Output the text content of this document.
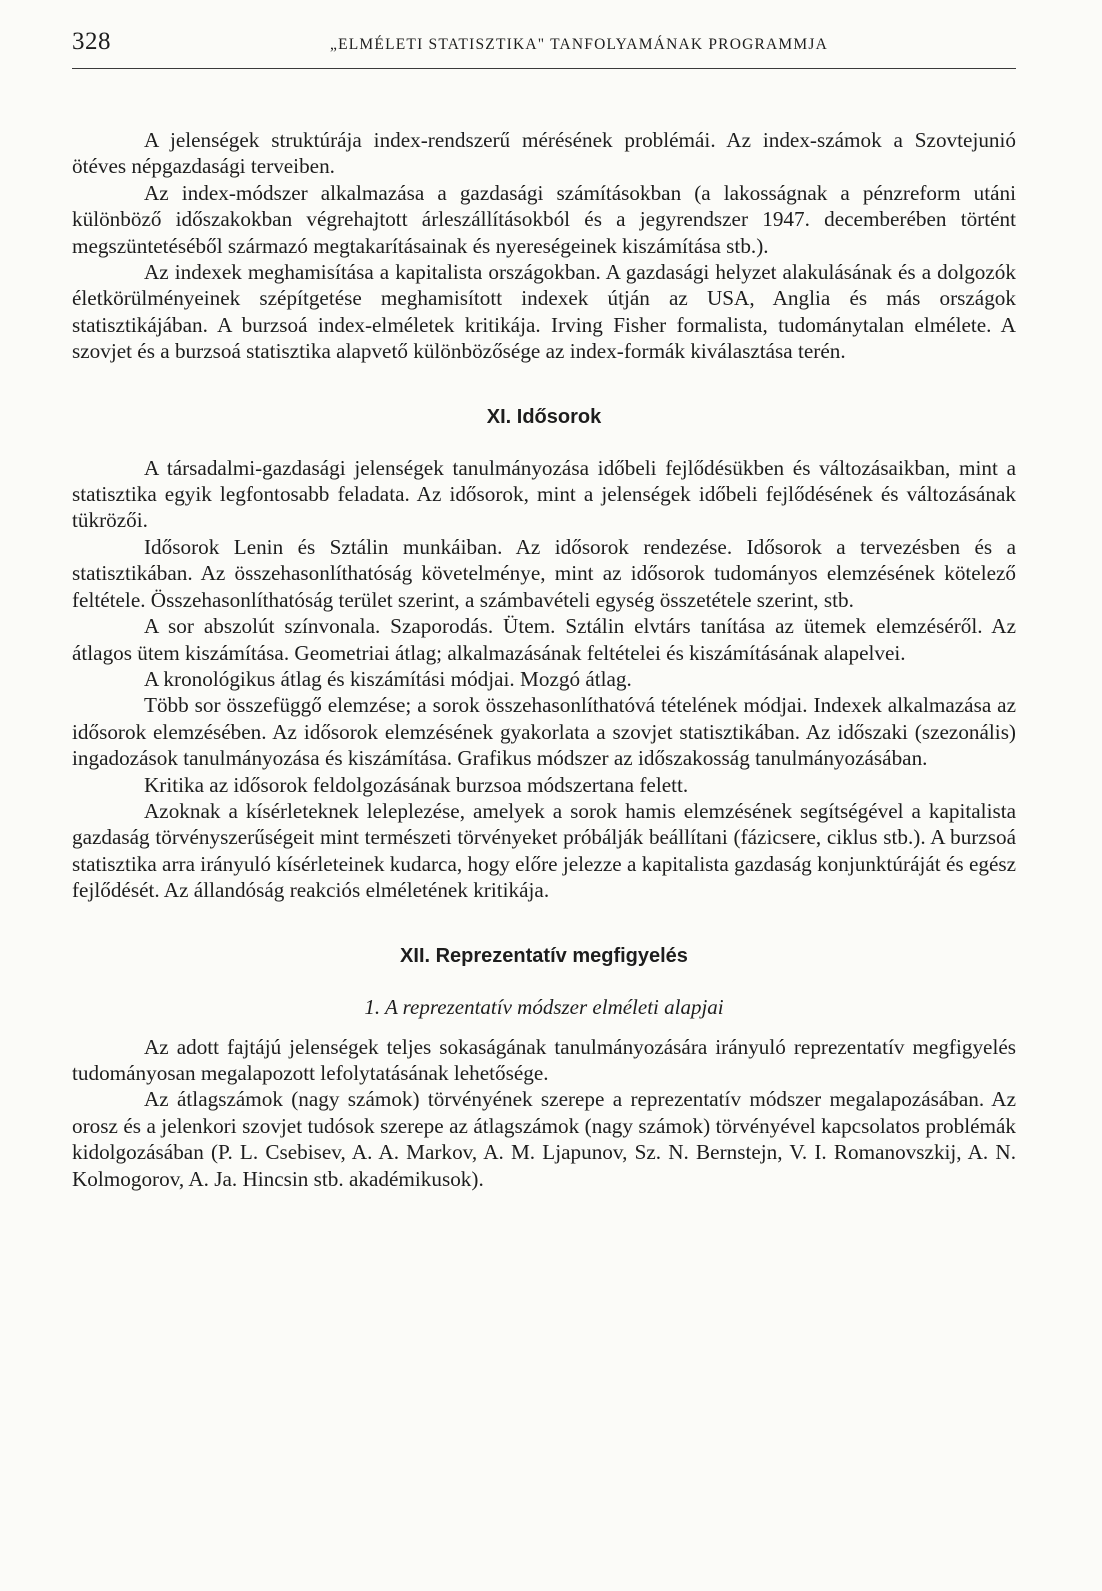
328	„ELMÉLETI STATISZTIKA" TANFOLYAMÁNAK PROGRAMMJA

A jelenségek struktúrája index-rendszerű mérésének problémái. Az index-számok a Szovtejunió ötéves népgazdasági terveiben.

Az index-módszer alkalmazása a gazdasági számításokban (a lakosságnak a pénzreform utáni különböző időszakokban végrehajtott árleszállításokból és a jegyrendszer 1947. decemberében történt megszüntetéséből származó megtakarításainak és nyereségeinek kiszámítása stb.).

Az indexek meghamisítása a kapitalista országokban. A gazdasági helyzet alakulásának és a dolgozók életkörülményeinek szépítgetése meghamisított indexek útján az USA, Anglia és más országok statisztikájában. A burzsoá index-elméletek kritikája. Irving Fisher formalista, tudománytalan elmélete. A szovjet és a burzsoá statisztika alapvető különbözősége az index-formák kiválasztása terén.

XI. Idősorok

A társadalmi-gazdasági jelenségek tanulmányozása időbeli fejlődésükben és változásaikban, mint a statisztika egyik legfontosabb feladata. Az idősorok, mint a jelenségek időbeli fejlődésének és változásának tükrözői.

Idősorok Lenin és Sztálin munkáiban. Az idősorok rendezése. Idősorok a tervezésben és a statisztikában. Az összehasonlíthatóság követelménye, mint az idősorok tudományos elemzésének kötelező feltétele. Összehasonlíthatóság terület szerint, a számbavételi egység összetétele szerint, stb.

A sor abszolút színvonala. Szaporodás. Ütem. Sztálin elvtárs tanítása az ütemek elemzéséről. Az átlagos ütem kiszámítása. Geometriai átlag; alkalmazásának feltételei és kiszámításának alapelvei.

A kronológikus átlag és kiszámítási módjai. Mozgó átlag.

Több sor összefüggő elemzése; a sorok összehasonlíthatóvá tételének módjai. Indexek alkalmazása az idősorok elemzésében. Az idősorok elemzésének gyakorlata a szovjet statisztikában. Az időszaki (szezonális) ingadozások tanulmányozása és kiszámítása. Grafikus módszer az időszakosság tanulmányozásában.

Kritika az idősorok feldolgozásának burzsoa módszertana felett.

Azoknak a kísérleteknek leleplezése, amelyek a sorok hamis elemzésének segítségével a kapitalista gazdaság törvényszerűségeit mint természeti törvényeket próbálják beállítani (fázicsere, ciklus stb.). A burzsoá statisztika arra irányuló kísérleteinek kudarca, hogy előre jelezze a kapitalista gazdaság konjunktúráját és egész fejlődését. Az állandóság reakciós elméletének kritikája.

XII. Reprezentatív megfigyelés
1. A reprezentatív módszer elméleti alapjai

Az adott fajtájú jelenségek teljes sokaságának tanulmányozására irányuló reprezentatív megfigyelés tudományosan megalapozott lefolytatásának lehetősége.

Az átlagszámok (nagy számok) törvényének szerepe a reprezentatív módszer megalapozásában. Az orosz és a jelenkori szovjet tudósok szerepe az átlagszámok (nagy számok) törvényével kapcsolatos problémák kidolgozásában (P. L. Csebisev, A. A. Markov, A. M. Ljapunov, Sz. N. Bernstejn, V. I. Romanovszkij, A. N. Kolmogorov, A. Ja. Hincsin stb. akadémikusok).
